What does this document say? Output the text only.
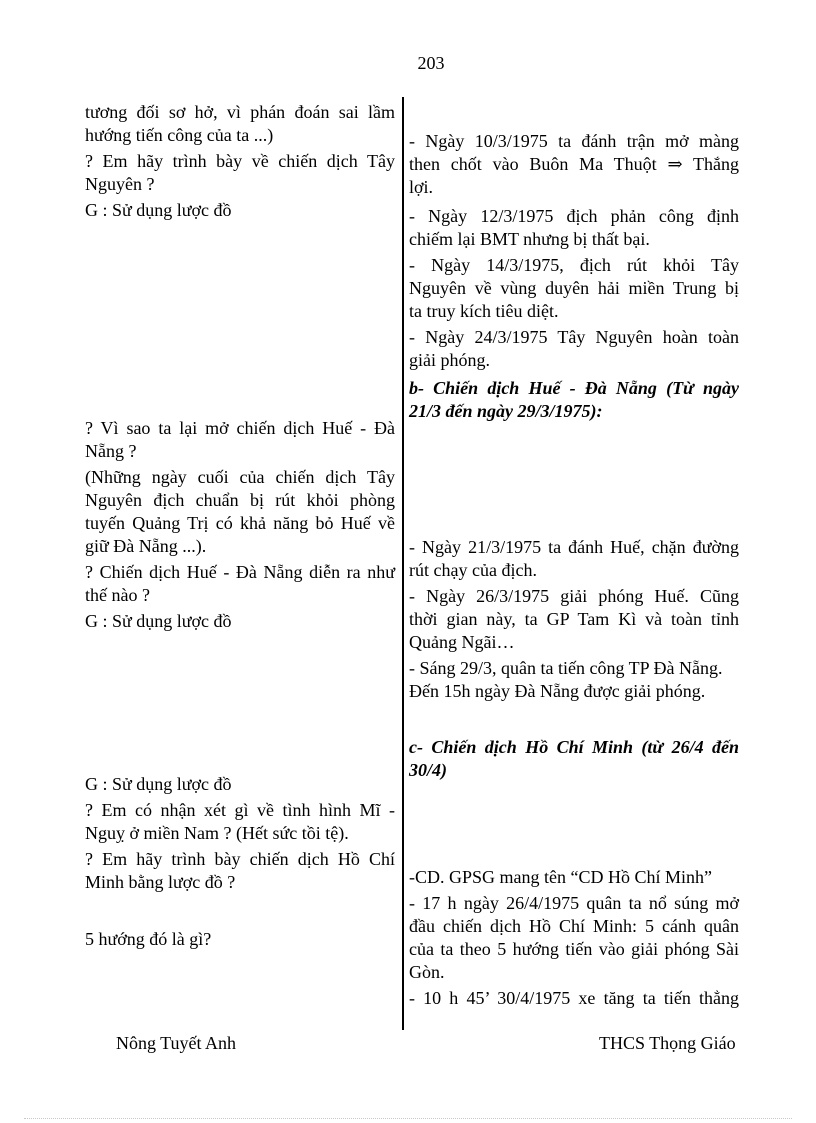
203
tương đối sơ hở, vì phán đoán sai lầm
hướng tiến công của ta ...)
? Em hãy trình bày về chiến dịch Tây
Nguyên ?
G : Sử dụng lược đồ
? Vì sao ta lại mở chiến dịch Huế - Đà
Nẵng ?
(Những ngày cuối của chiến dịch Tây
Nguyên địch chuẩn bị rút khỏi phòng
tuyến Quảng Trị có khả năng bỏ Huế về
giữ Đà Nẵng ...).
? Chiến dịch Huế - Đà Nẵng diễn ra như
thế nào ?
G : Sử dụng lược đồ
G : Sử dụng lược đồ
? Em có nhận xét gì về tình hình Mĩ -
Nguỵ ở miền Nam ? (Hết sức tồi tệ).
? Em hãy trình bày chiến dịch Hồ Chí
Minh bằng lược đồ ?
5 hướng đó là gì?
- Ngày 10/3/1975 ta đánh trận mở màng
then chốt vào Buôn Ma Thuột ⇒ Thắng
lợi.
- Ngày 12/3/1975 địch phản công định
chiếm lại BMT nhưng bị thất bại.
- Ngày 14/3/1975, địch rút khỏi Tây
Nguyên về vùng duyên hải miền Trung bị
ta truy kích tiêu diệt.
- Ngày 24/3/1975 Tây Nguyên hoàn toàn
giải phóng.
b- Chiến dịch Huế - Đà Nẵng (Từ ngày
21/3 đến ngày 29/3/1975):
- Ngày 21/3/1975 ta đánh Huế, chặn đường
rút chạy của địch.
- Ngày 26/3/1975 giải phóng Huế. Cũng
thời gian này, ta GP Tam Kì và toàn tỉnh
Quảng Ngãi…
- Sáng 29/3, quân ta tiến công TP Đà Nẵng.
Đến 15h ngày Đà Nẵng được giải phóng.
c- Chiến dịch Hồ Chí Minh (từ 26/4 đến
30/4)
-CD. GPSG mang tên “CD Hồ Chí Minh”
- 17 h ngày 26/4/1975 quân ta nổ súng mở
đầu chiến dịch Hồ Chí Minh: 5 cánh quân
của ta theo 5 hướng tiến vào giải phóng Sài
Gòn.
- 10 h 45’ 30/4/1975 xe tăng ta tiến thẳng
Nông Tuyết Anh	THCS Thọng Giáo
